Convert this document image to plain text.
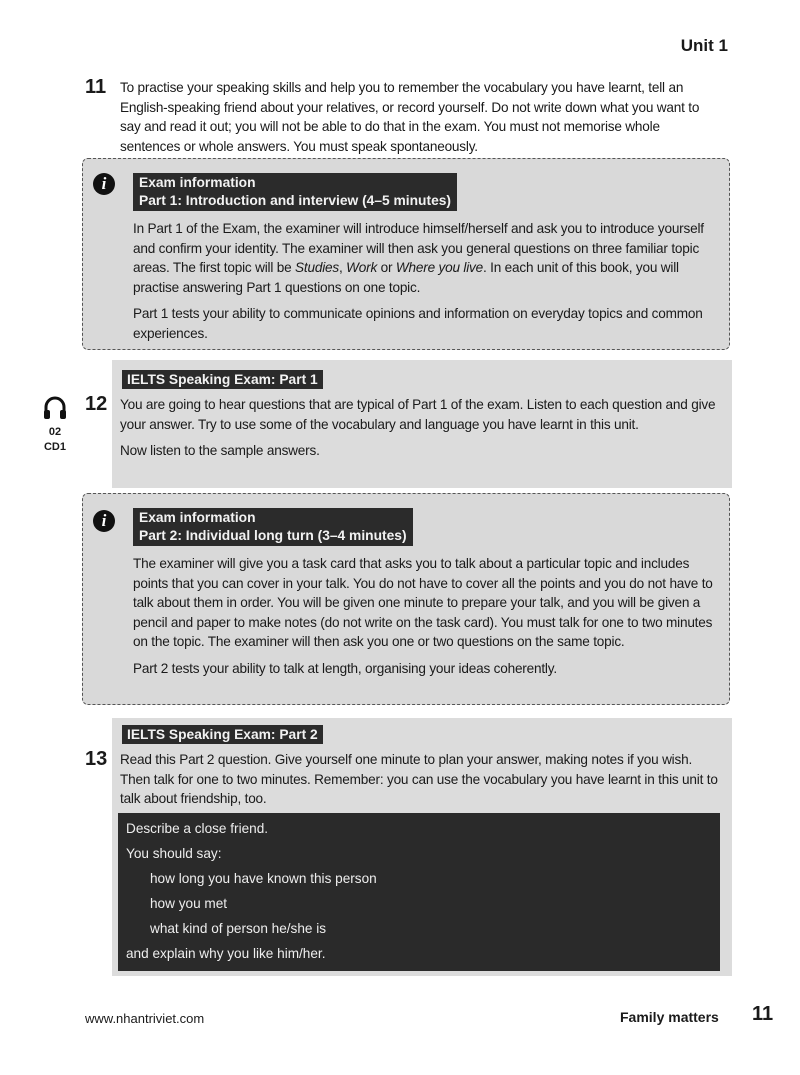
Unit 1
11 To practise your speaking skills and help you to remember the vocabulary you have learnt, tell an English-speaking friend about your relatives, or record yourself. Do not write down what you want to say and read it out; you will not be able to do that in the exam. You must not memorise whole sentences or whole answers. You must speak spontaneously.
i	Exam information
Part 1: Introduction and interview (4–5 minutes)

In Part 1 of the Exam, the examiner will introduce himself/herself and ask you to introduce yourself and confirm your identity. The examiner will then ask you general questions on three familiar topic areas. The first topic will be Studies, Work or Where you live. In each unit of this book, you will practise answering Part 1 questions on one topic.

Part 1 tests your ability to communicate opinions and information on everyday topics and common experiences.

IELTS Speaking Exam: Part 1
02
CD1
12 You are going to hear questions that are typical of Part 1 of the exam. Listen to each question and give your answer. Try to use some of the vocabulary and language you have learnt in this unit.

Now listen to the sample answers.

i	Exam information
Part 2: Individual long turn (3–4 minutes)

The examiner will give you a task card that asks you to talk about a particular topic and includes points that you can cover in your talk. You do not have to cover all the points and you do not have to talk about them in order. You will be given one minute to prepare your talk, and you will be given a pencil and paper to make notes (do not write on the task card). You must talk for one to two minutes on the topic. The examiner will then ask you one or two questions on the same topic.

Part 2 tests your ability to talk at length, organising your ideas coherently.

IELTS Speaking Exam: Part 2
13 Read this Part 2 question. Give yourself one minute to plan your answer, making notes if you wish. Then talk for one to two minutes. Remember: you can use the vocabulary you have learnt in this unit to talk about friendship, too.
Describe a close friend.
You should say:
how long you have known this person
how you met
what kind of person he/she is
and explain why you like him/her.
www.nhantriviet.com	Family matters 11
